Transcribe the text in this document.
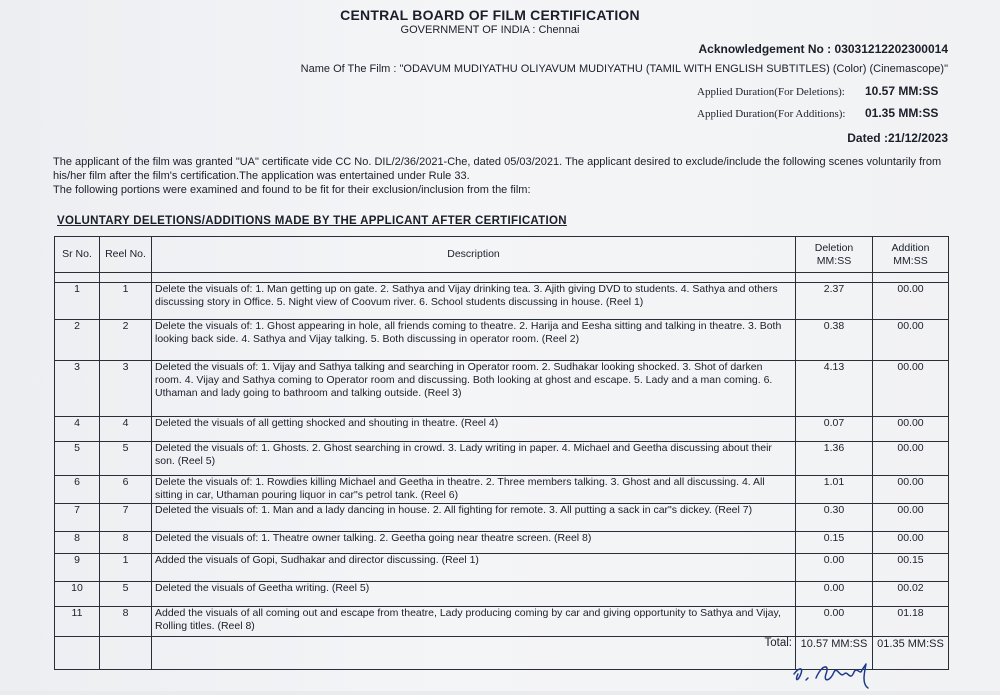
CENTRAL BOARD OF FILM CERTIFICATION
GOVERNMENT OF INDIA : Chennai
Acknowledgement No : 03031212202300014
Name Of The Film : "ODAVUM MUDIYATHU OLIYAVUM MUDIYATHU (TAMIL WITH ENGLISH SUBTITLES) (Color) (Cinemascope)"
Applied Duration(For Deletions): 10.57 MM:SS
Applied Duration(For Additions): 01.35 MM:SS
Dated :21/12/2023
The applicant of the film was granted "UA" certificate vide CC No. DIL/2/36/2021-Che, dated 05/03/2021. The applicant desired to exclude/include the following scenes voluntarily from his/her film after the film's certification.The application was entertained under Rule 33.
The following portions were examined and found to be fit for their exclusion/inclusion from the film:
VOLUNTARY DELETIONS/ADDITIONS MADE BY THE APPLICANT AFTER CERTIFICATION
Sr No.	Reel No.	Description	Deletion MM:SS	Addition MM:SS

1	1	Delete the visuals of: 1. Man getting up on gate. 2. Sathya and Vijay drinking tea. 3. Ajith giving DVD to students. 4. Sathya and others discussing story in Office. 5. Night view of Coovum river. 6. School students discussing in house. (Reel 1)	2.37	00.00
2	2	Delete the visuals of: 1. Ghost appearing in hole, all friends coming to theatre. 2. Harija and Eesha sitting and talking in theatre. 3. Both looking back side. 4. Sathya and Vijay talking. 5. Both discussing in operator room. (Reel 2)	0.38	00.00
3	3	Deleted the visuals of: 1. Vijay and Sathya talking and searching in Operator room. 2. Sudhakar looking shocked. 3. Shot of darken room. 4. Vijay and Sathya coming to Operator room and discussing. Both looking at ghost and escape. 5. Lady and a man coming. 6. Uthaman and lady going to bathroom and talking outside. (Reel 3)	4.13	00.00
4	4	Deleted the visuals of all getting shocked and shouting in theatre. (Reel 4)	0.07	00.00
5	5	Deleted the visuals of: 1. Ghosts. 2. Ghost searching in crowd. 3. Lady writing in paper. 4. Michael and Geetha discussing about their son. (Reel 5)	1.36	00.00
6	6	Delete the visuals of: 1. Rowdies killing Michael and Geetha in theatre. 2. Three members talking. 3. Ghost and all discussing. 4. All sitting in car, Uthaman pouring liquor in car"s petrol tank. (Reel 6)	1.01	00.00
7	7	Deleted the visuals of: 1. Man and a lady dancing in house. 2. All fighting for remote. 3. All putting a sack in car"s dickey. (Reel 7)	0.30	00.00
8	8	Deleted the visuals of: 1. Theatre owner talking. 2. Geetha going near theatre screen. (Reel 8)	0.15	00.00
9	1	Added the visuals of Gopi, Sudhakar and director discussing. (Reel 1)	0.00	00.15
10	5	Deleted the visuals of Geetha writing. (Reel 5)	0.00	00.02
11	8	Added the visuals of all coming out and escape from theatre, Lady producing coming by car and giving opportunity to Sathya and Vijay, Rolling titles. (Reel 8)	0.00	01.18
		Total:	10.57 MM:SS	01.35 MM:SS
